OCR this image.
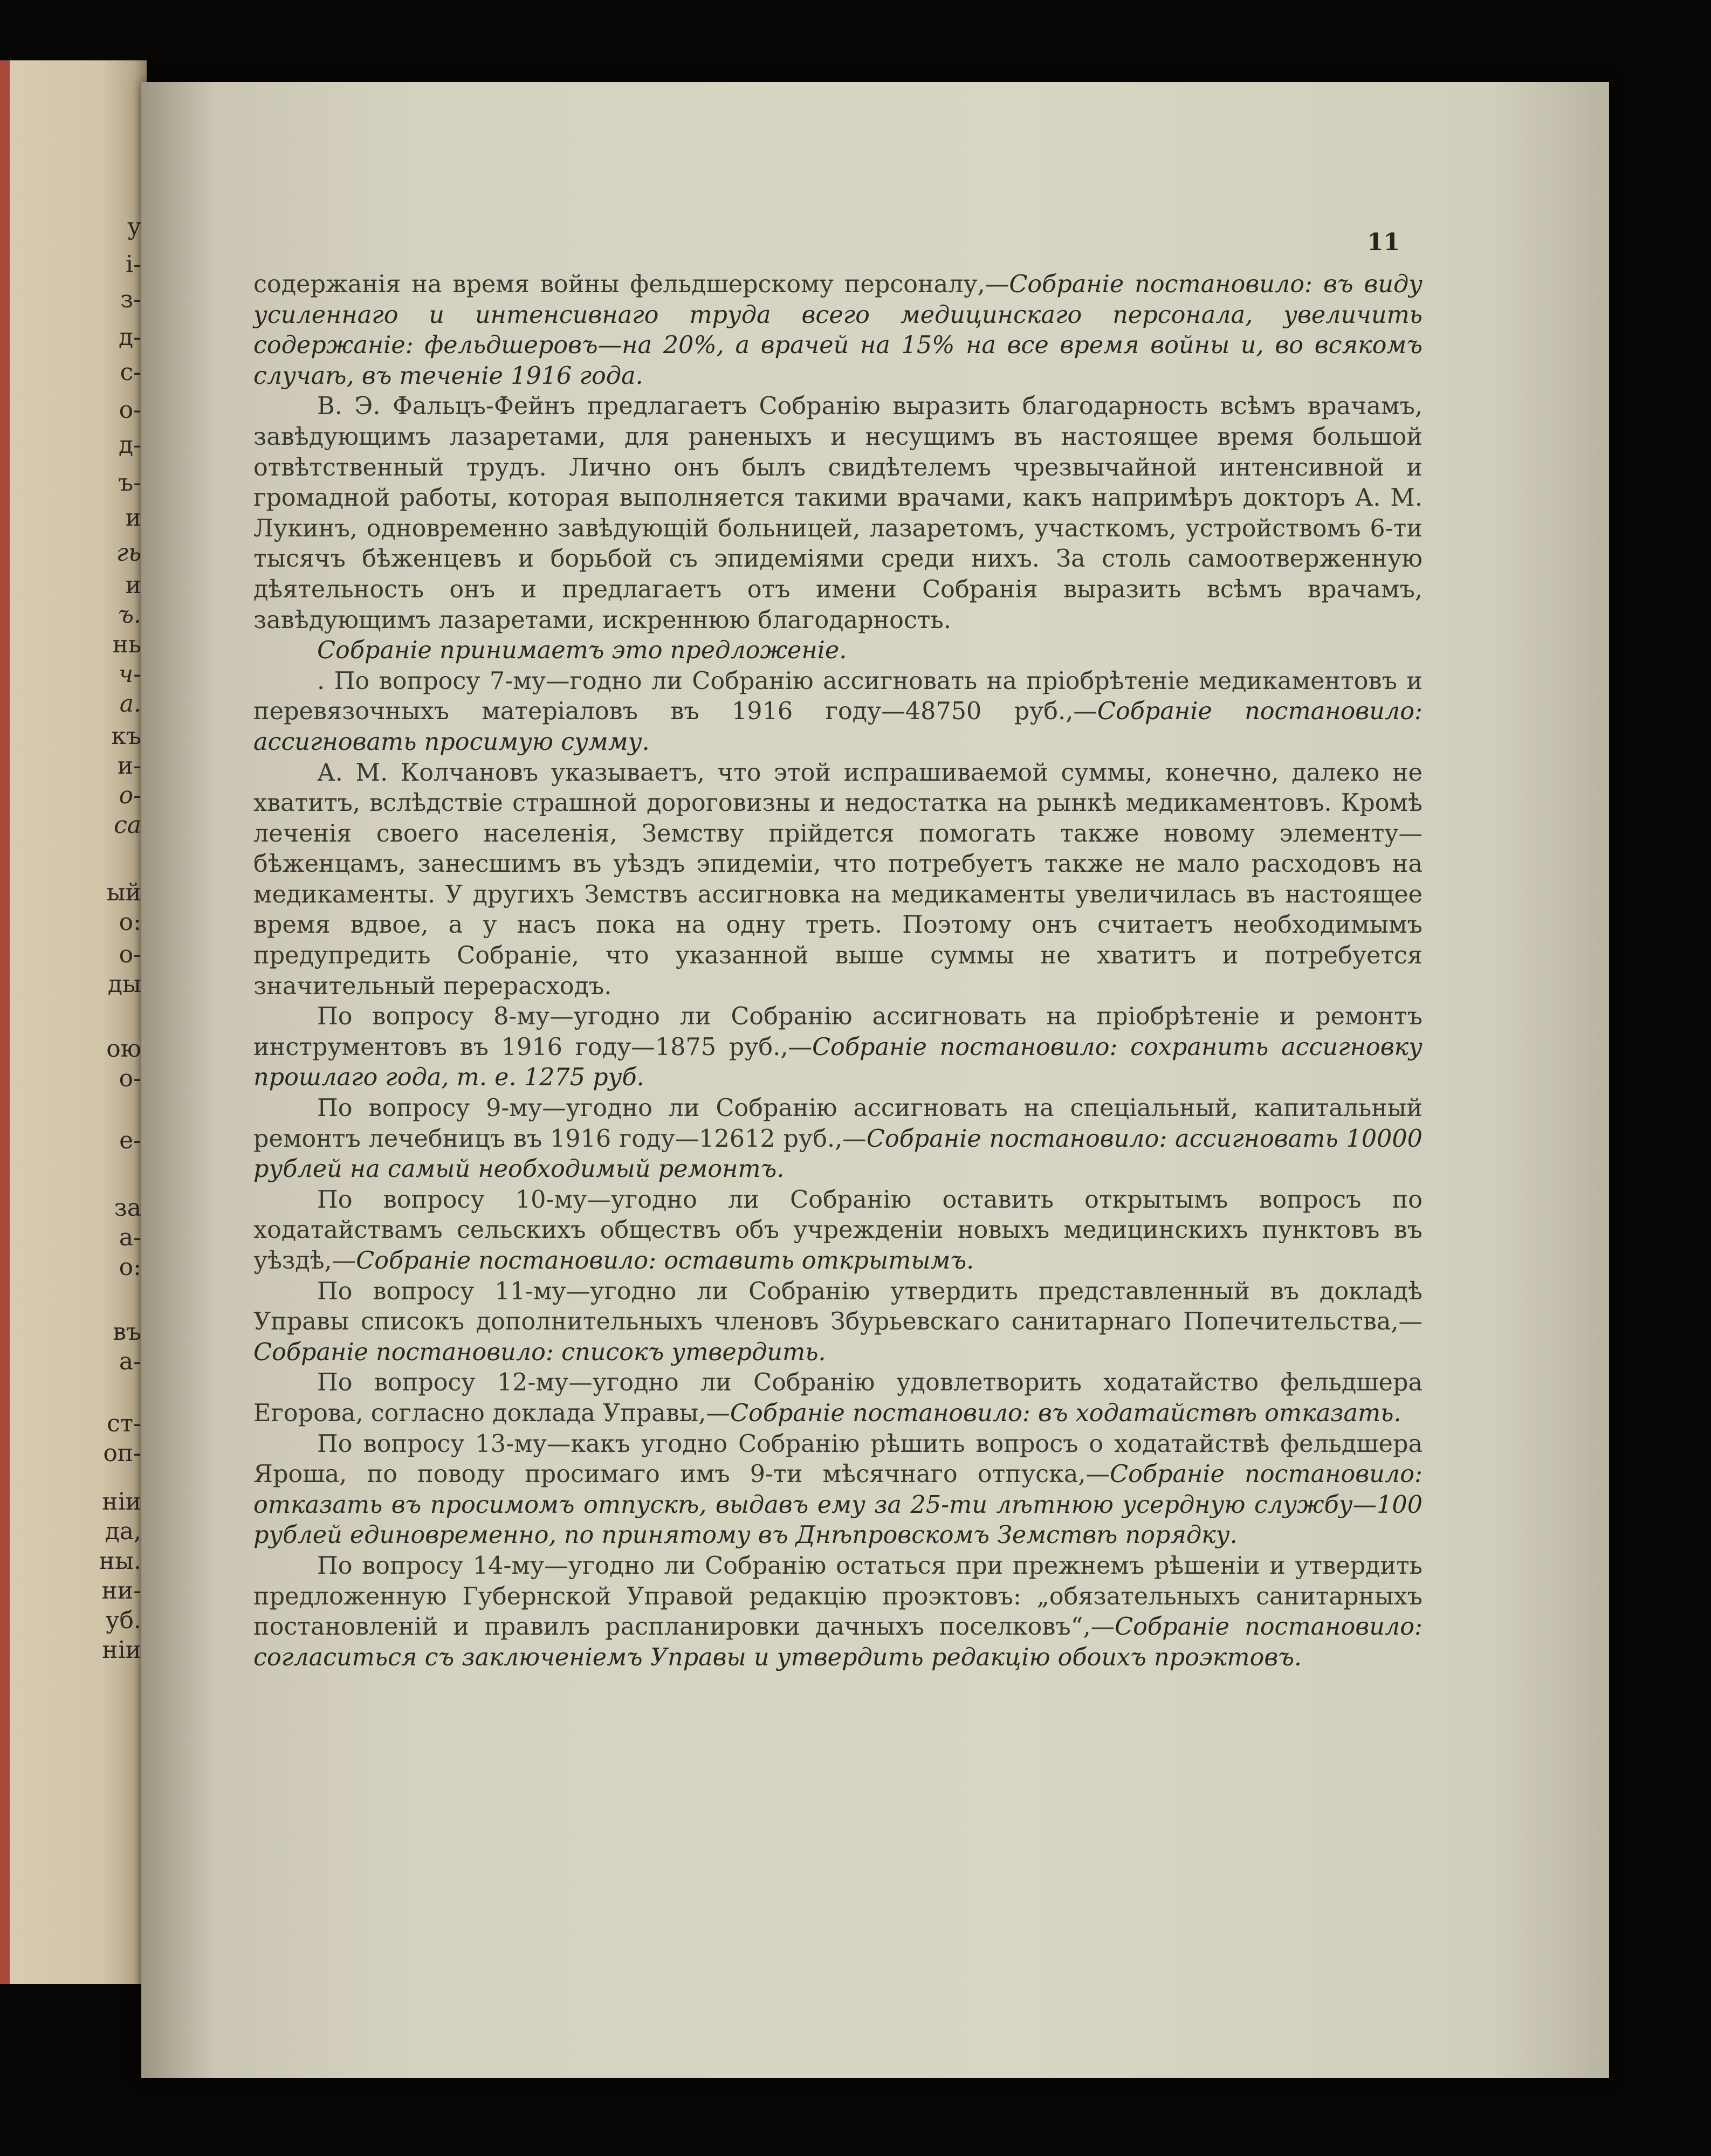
у
і-
з-
д-
с-
о-
д-
ъ-
и
гь
и
ъ.
нь
ч-
а.
къ
и-
о-
са
ый
о:
о-
ды
ою
о-
е-
за
а-
о:
въ
а-
ст-
оп-
нiи
да,
ны.
ни-
уб.
нiи

11

содержанія на время войны фельдшерскому персоналу,—Собраніе постановило: въ виду усиленнаго и интенсивнаго труда всего медицинскаго персонала, увеличить содержаніе: фельдшеровъ—на 20%, а врачей на 15% на все время войны и, во всякомъ случаѣ, въ теченіе 1916 года.

В. Э. Фальцъ-Фейнъ предлагаетъ Собранію выразить благодарность всѣмъ врачамъ, завѣдующимъ лазаретами, для раненыхъ и несущимъ въ настоящее время большой отвѣтственный трудъ. Лично онъ былъ свидѣтелемъ чрезвычайной интенсивной и громадной работы, которая выполняется такими врачами, какъ напримѣръ докторъ А. М. Лукинъ, одновременно завѣдующій больницей, лазаретомъ, участкомъ, устройствомъ 6-ти тысячъ бѣженцевъ и борьбой съ эпидеміями среди нихъ. За столь самоотверженную дѣятельность онъ и предлагаетъ отъ имени Собранія выразить всѣмъ врачамъ, завѣдующимъ лазаретами, искреннюю благодарность.

Собраніе принимаетъ это предложеніе.

. По вопросу 7-му—годно ли Собранію ассигновать на пріобрѣтеніе медикаментовъ и перевязочныхъ матеріаловъ въ 1916 году—48750 руб.,—Собраніе постановило: ассигновать просимую сумму.

А. М. Колчановъ указываетъ, что этой испрашиваемой суммы, конечно, далеко не хватитъ, вслѣдствіе страшной дороговизны и недостатка на рынкѣ медикаментовъ. Кромѣ леченія своего населенія, Земству прійдется помогать также новому элементу—бѣженцамъ, занесшимъ въ уѣздъ эпидеміи, что потребуетъ также не мало расходовъ на медикаменты. У другихъ Земствъ ассигновка на медикаменты увеличилась въ настоящее время вдвое, а у насъ пока на одну треть. Поэтому онъ считаетъ необходимымъ предупредить Собраніе, что указанной выше суммы не хватитъ и потребуется значительный перерасходъ.

По вопросу 8-му—угодно ли Собранію ассигновать на пріобрѣтеніе и ремонтъ инструментовъ въ 1916 году—1875 руб.,—Собраніе постановило: сохранить ассигновку прошлаго года, т. е. 1275 руб.

По вопросу 9-му—угодно ли Собранію ассигновать на спеціальный, капитальный ремонтъ лечебницъ въ 1916 году—12612 руб.,—Собраніе постановило: ассигновать 10000 рублей на самый необходимый ремонтъ.

По вопросу 10-му—угодно ли Собранію оставить открытымъ вопросъ по ходатайствамъ сельскихъ обществъ объ учрежденіи новыхъ медицинскихъ пунктовъ въ уѣздѣ,—Собраніе постановило: оставить открытымъ.

По вопросу 11-му—угодно ли Собранію утвердить представленный въ докладѣ Управы списокъ дополнительныхъ членовъ Збурьевскаго санитарнаго Попечительства,—Собраніе постановило: списокъ утвердить.

По вопросу 12-му—угодно ли Собранію удовлетворить ходатайство фельдшера Егорова, согласно доклада Управы,—Собраніе постановило: въ ходатайствѣ отказать.

По вопросу 13-му—какъ угодно Собранію рѣшить вопросъ о ходатайствѣ фельдшера Яроша, по поводу просимаго имъ 9-ти мѣсячнаго отпуска,—Собраніе постановило: отказать въ просимомъ отпускѣ, выдавъ ему за 25-ти лѣтнюю усердную службу—100 рублей единовременно, по принятому въ Днѣпровскомъ Земствѣ порядку.

По вопросу 14-му—угодно ли Собранію остаться при прежнемъ рѣшеніи и утвердить предложенную Губернской Управой редакцію проэктовъ: „обязательныхъ санитарныхъ постановленій и правилъ распланировки дачныхъ поселковъ“,—Собраніе постановило: согласиться съ заключеніемъ Управы и утвердить редакцію обоихъ проэктовъ.
